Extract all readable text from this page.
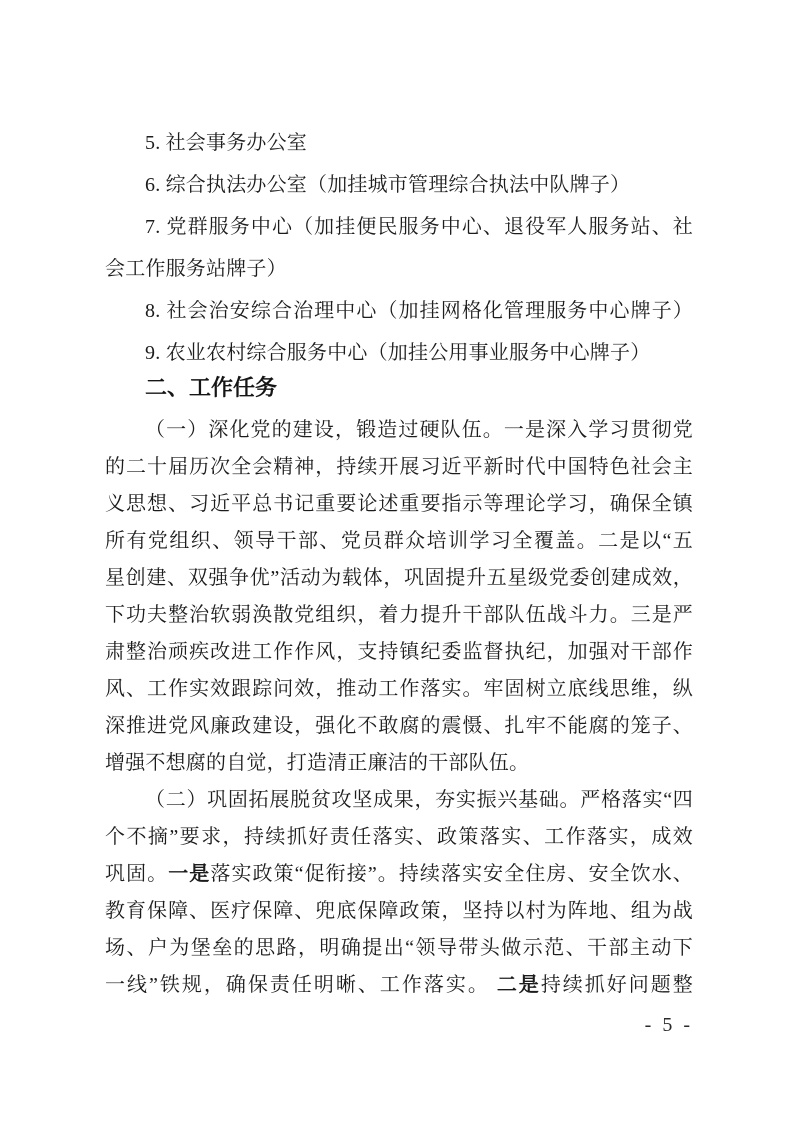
5. 社会事务办公室
6. 综合执法办公室（加挂城市管理综合执法中队牌子）
7. 党群服务中心（加挂便民服务中心、退役军人服务站、社
会工作服务站牌子）
8. 社会治安综合治理中心（加挂网格化管理服务中心牌子）
9. 农业农村综合服务中心（加挂公用事业服务中心牌子）
二、工作任务
（一）深化党的建设，锻造过硬队伍。一是深入学习贯彻党
的二十届历次全会精神，持续开展习近平新时代中国特色社会主
义思想、习近平总书记重要论述重要指示等理论学习，确保全镇
所有党组织、领导干部、党员群众培训学习全覆盖。二是以“五
星创建、双强争优”活动为载体，巩固提升五星级党委创建成效，
下功夫整治软弱涣散党组织，着力提升干部队伍战斗力。三是严
肃整治顽疾改进工作作风，支持镇纪委监督执纪，加强对干部作
风、工作实效跟踪问效，推动工作落实。牢固树立底线思维，纵
深推进党风廉政建设，强化不敢腐的震慑、扎牢不能腐的笼子、
增强不想腐的自觉，打造清正廉洁的干部队伍。
（二）巩固拓展脱贫攻坚成果，夯实振兴基础。严格落实“四
个不摘”要求，持续抓好责任落实、政策落实、工作落实，成效
巩固。一是落实政策“促衔接”。持续落实安全住房、安全饮水、
教育保障、医疗保障、兜底保障政策，坚持以村为阵地、组为战
场、户为堡垒的思路，明确提出“领导带头做示范、干部主动下
一线”铁规，确保责任明晰、工作落实。 二是持续抓好问题整
- 5 -
